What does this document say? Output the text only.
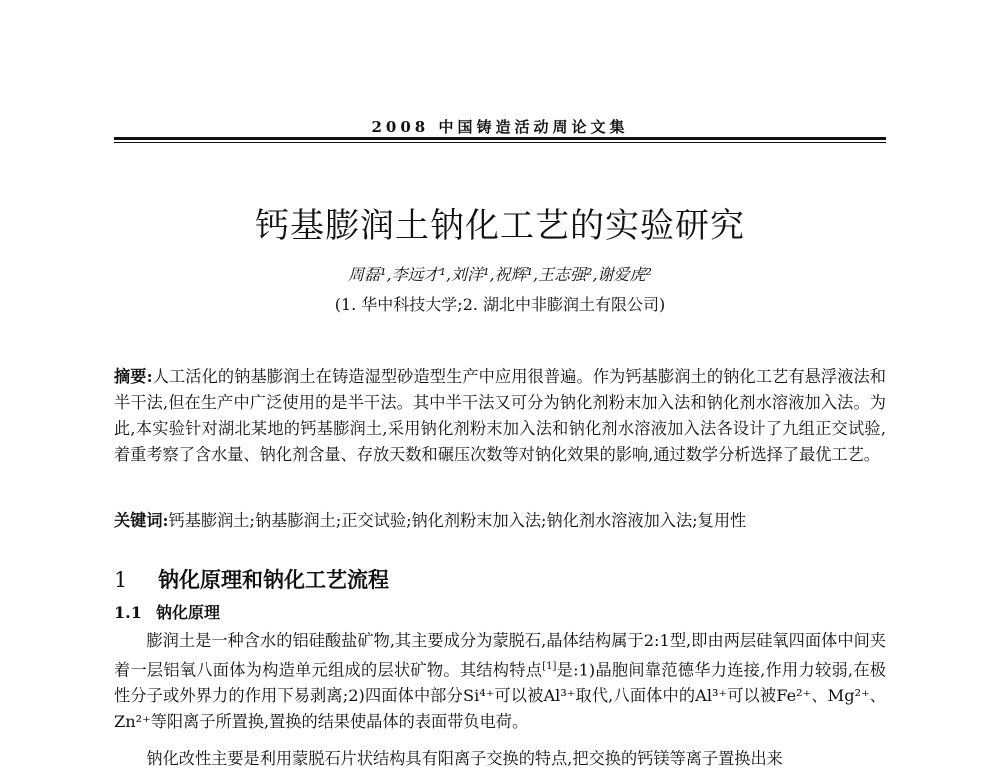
2008 中国铸造活动周论文集
钙基膨润土钠化工艺的实验研究
周磊¹,李远才¹,刘洋¹,祝辉¹,王志强²,谢爱虎²
(1. 华中科技大学;2. 湖北中非膨润土有限公司)
摘要:人工活化的钠基膨润土在铸造湿型砂造型生产中应用很普遍。作为钙基膨润土的钠化工艺有悬浮液法和半干法,但在生产中广泛使用的是半干法。其中半干法又可分为钠化剂粉末加入法和钠化剂水溶液加入法。为此,本实验针对湖北某地的钙基膨润土,采用钠化剂粉末加入法和钠化剂水溶液加入法各设计了九组正交试验,着重考察了含水量、钠化剂含量、存放天数和碾压次数等对钠化效果的影响,通过数学分析选择了最优工艺。
关键词:钙基膨润土;钠基膨润土;正交试验;钠化剂粉末加入法;钠化剂水溶液加入法;复用性
1 钠化原理和钠化工艺流程
1.1 钠化原理
膨润土是一种含水的铝硅酸盐矿物,其主要成分为蒙脱石,晶体结构属于2:1型,即由两层硅氧四面体中间夹着一层铝氧八面体为构造单元组成的层状矿物。其结构特点[1]是:1)晶胞间靠范德华力连接,作用力较弱,在极性分子或外界力的作用下易剥离;2)四面体中部分Si⁴⁺可以被Al³⁺取代,八面体中的Al³⁺可以被Fe²⁺、Mg²⁺、Zn²⁺等阳离子所置换,置换的结果使晶体的表面带负电荷。
钠化改性主要是利用蒙脱石片状结构具有阳离子交换的特点,把交换的钙镁等离子置换出来
